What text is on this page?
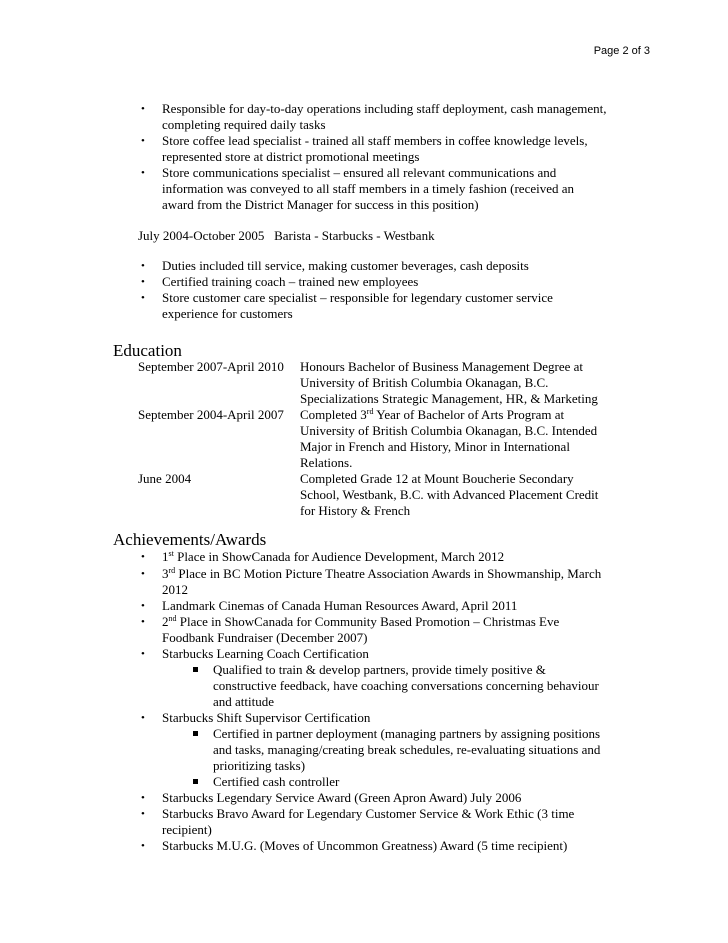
Page 2 of 3
• Responsible for day-to-day operations including staff deployment, cash management,
completing required daily tasks
• Store coffee lead specialist - trained all staff members in coffee knowledge levels,
represented store at district promotional meetings
• Store communications specialist – ensured all relevant communications and
information was conveyed to all staff members in a timely fashion (received an
award from the District Manager for success in this position)
July 2004-October 2005   Barista - Starbucks - Westbank
• Duties included till service, making customer beverages, cash deposits
• Certified training coach – trained new employees
• Store customer care specialist – responsible for legendary customer service
experience for customers
Education
September 2007-April 2010 Honours Bachelor of Business Management Degree at
University of British Columbia Okanagan, B.C.
Specializations Strategic Management, HR, & Marketing
September 2004-April 2007 Completed 3rd Year of Bachelor of Arts Program at
University of British Columbia Okanagan, B.C. Intended
Major in French and History, Minor in International
Relations.
June 2004	Completed Grade 12 at Mount Boucherie Secondary
School, Westbank, B.C. with Advanced Placement Credit
for History & French
Achievements/Awards
• 1st Place in ShowCanada for Audience Development, March 2012
• 3rd Place in BC Motion Picture Theatre Association Awards in Showmanship, March
2012
• Landmark Cinemas of Canada Human Resources Award, April 2011
• 2nd Place in ShowCanada for Community Based Promotion – Christmas Eve
Foodbank Fundraiser (December 2007)
• Starbucks Learning Coach Certification
Qualified to train & develop partners, provide timely positive &
constructive feedback, have coaching conversations concerning behaviour
and attitude
• Starbucks Shift Supervisor Certification
Certified in partner deployment (managing partners by assigning positions
and tasks, managing/creating break schedules, re-evaluating situations and
prioritizing tasks)
Certified cash controller
• Starbucks Legendary Service Award (Green Apron Award) July 2006
• Starbucks Bravo Award for Legendary Customer Service & Work Ethic (3 time
recipient)
• Starbucks M.U.G. (Moves of Uncommon Greatness) Award (5 time recipient)
